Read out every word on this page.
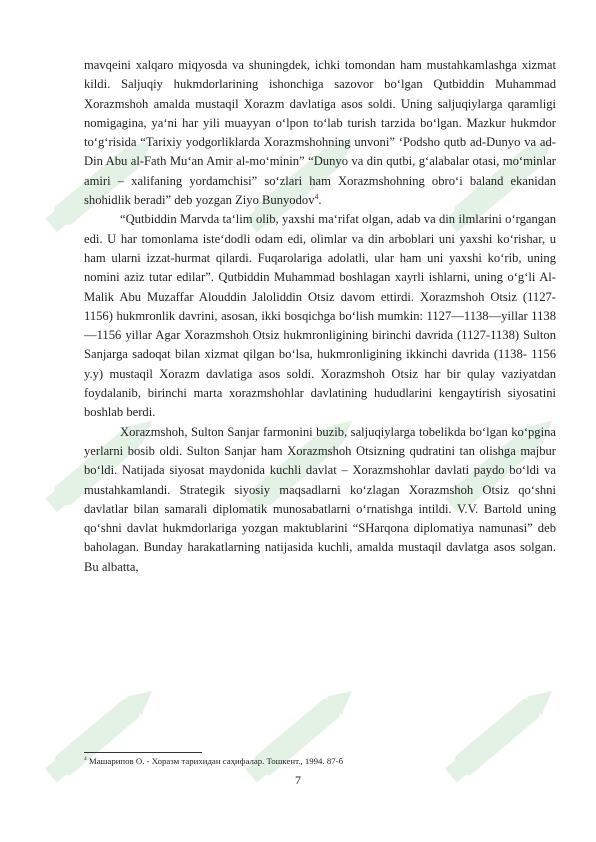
mavqeini xalqaro miqyosda va shuningdek, ichki tomondan ham mustahkamlashga xizmat kildi. Saljuqiy hukmdorlarining ishonchiga sazovor bo‘lgan Qutbiddin Muhammad Xorazmshoh amalda mustaqil Xorazm davlatiga asos soldi. Uning saljuqiylarga qaramligi nomigagina, ya‘ni har yili muayyan o‘lpon to‘lab turish tarzida bo‘lgan. Mazkur hukmdor to‘g‘risida “Tarixiy yodgorliklarda Xorazmshohning unvoni” ‘Podsho qutb ad-Dunyo va ad-Din Abu al-Fath Mu‘an Amir al-mo‘minin” “Dunyo va din qutbi, g‘alabalar otasi, mo‘minlar amiri – xalifaning yordamchisi” so‘zlari ham Xorazmshohning obro‘i baland ekanidan shohidlik beradi” deb yozgan Ziyo Bunyodov$^4$.

“Qutbiddin Marvda ta‘lim olib, yaxshi ma‘rifat olgan, adab va din ilmlarini o‘rgangan edi. U har tomonlama iste‘dodli odam edi, olimlar va din arboblari uni yaxshi ko‘rishar, u ham ularni izzat-hurmat qilardi. Fuqarolariga adolatli, ular ham uni yaxshi ko‘rib, uning nomini aziz tutar edilar”. Qutbiddin Muhammad boshlagan xayrli ishlarni, uning o‘g‘li Al-Malik Abu Muzaffar Alouddin Jaloliddin Otsiz davom ettirdi. Xorazmshoh Otsiz (1127-1156) hukmronlik davrini, asosan, ikki bosqichga bo‘lish mumkin: 1127—1138—yillar 1138—1156 yillar Agar Xorazmshoh Otsiz hukmronligining birinchi davrida (1127-1138) Sulton Sanjarga sadoqat bilan xizmat qilgan bo‘lsa, hukmronligining ikkinchi davrida (1138- 1156 y.y) mustaqil Xorazm davlatiga asos soldi. Xorazmshoh Otsiz har bir qulay vaziyatdan foydalanib, birinchi marta xorazmshohlar davlatining hududlarini kengaytirish siyosatini boshlab berdi.

Xorazmshoh, Sulton Sanjar farmonini buzib, saljuqiylarga tobelikda bo‘lgan ko‘pgina yerlarni bosib oldi. Sulton Sanjar ham Xorazmshoh Otsizning qudratini tan olishga majbur bo‘ldi. Natijada siyosat maydonida kuchli davlat – Xorazmshohlar davlati paydo bo‘ldi va mustahkamlandi. Strategik siyosiy maqsadlarni ko‘zlagan Xorazmshoh Otsiz qo‘shni davlatlar bilan samarali diplomatik munosabatlarni o‘rnatishga intildi. V.V. Bartold uning qo‘shni davlat hukmdorlariga yozgan maktublarini “SHarqona diplomatiya namunasi” deb baholagan. Bunday harakatlarning natijasida kuchli, amalda mustaqil davlatga asos solgan. Bu albatta,

$^4$ Машарипов О. - Хоразм тарихидан саҳифалар. Тошкент., 1994. 87-б
7
